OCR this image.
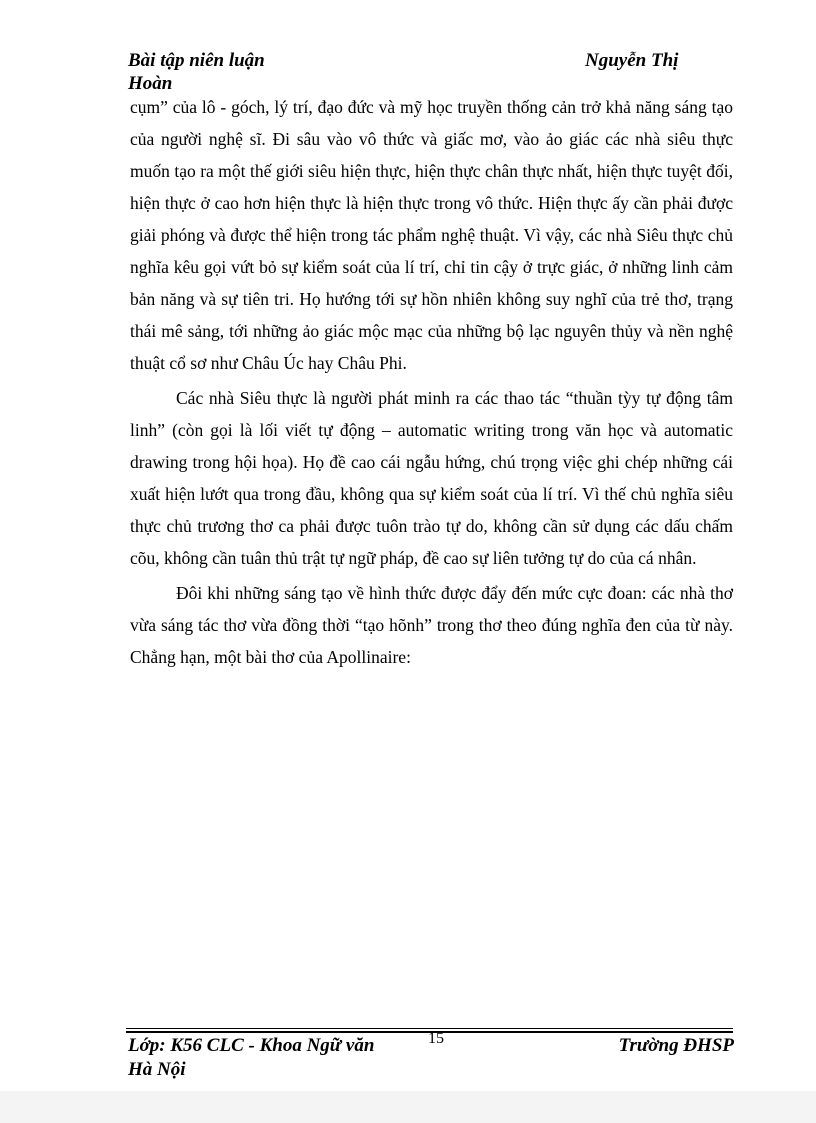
Bài tập niên luận	Nguyễn Thị
Hoàn

cụm” của lô - góch, lý trí, đạo đức và mỹ học truyền thống cản trở khả năng sáng tạo của người nghệ sĩ. Đi sâu vào vô thức và giấc mơ, vào ảo giác các nhà siêu thực muốn tạo ra một thế giới siêu hiện thực, hiện thực chân thực nhất, hiện thực tuyệt đối, hiện thực ở cao hơn hiện thực là hiện thực trong vô thức. Hiện thực ấy cần phải được giải phóng và được thể hiện trong tác phẩm nghệ thuật. Vì vậy, các nhà Siêu thực chủ nghĩa kêu gọi vứt bỏ sự kiểm soát của lí trí, chỉ tin cậy ở trực giác, ở những linh cảm bản năng và sự tiên tri. Họ hướng tới sự hồn nhiên không suy nghĩ của trẻ thơ, trạng thái mê sảng, tới những ảo giác mộc mạc của những bộ lạc nguyên thủy và nền nghệ thuật cổ sơ như Châu Úc hay Châu Phi.

Các nhà Siêu thực là người phát minh ra các thao tác “thuần tỳy tự động tâm linh” (còn gọi là lối viết tự động – automatic writing trong văn học và automatic drawing trong hội họa). Họ đề cao cái ngẫu hứng, chú trọng việc ghi chép những cái xuất hiện lướt qua trong đầu, không qua sự kiểm soát của lí trí. Vì thế chủ nghĩa siêu thực chủ trương thơ ca phải được tuôn trào tự do, không cần sử dụng các dấu chấm cõu, không cần tuân thủ trật tự ngữ pháp, đề cao sự liên tưởng tự do của cá nhân.

Đôi khi những sáng tạo về hình thức được đẩy đến mức cực đoan: các nhà thơ vừa sáng tác thơ vừa đồng thời “tạo hõnh” trong thơ theo đúng nghĩa đen của từ này. Chẳng hạn, một bài thơ của Apollinaire:

Lớp: K56 CLC - Khoa Ngữ văn
Hà Nội
Trường ĐHSP
15
